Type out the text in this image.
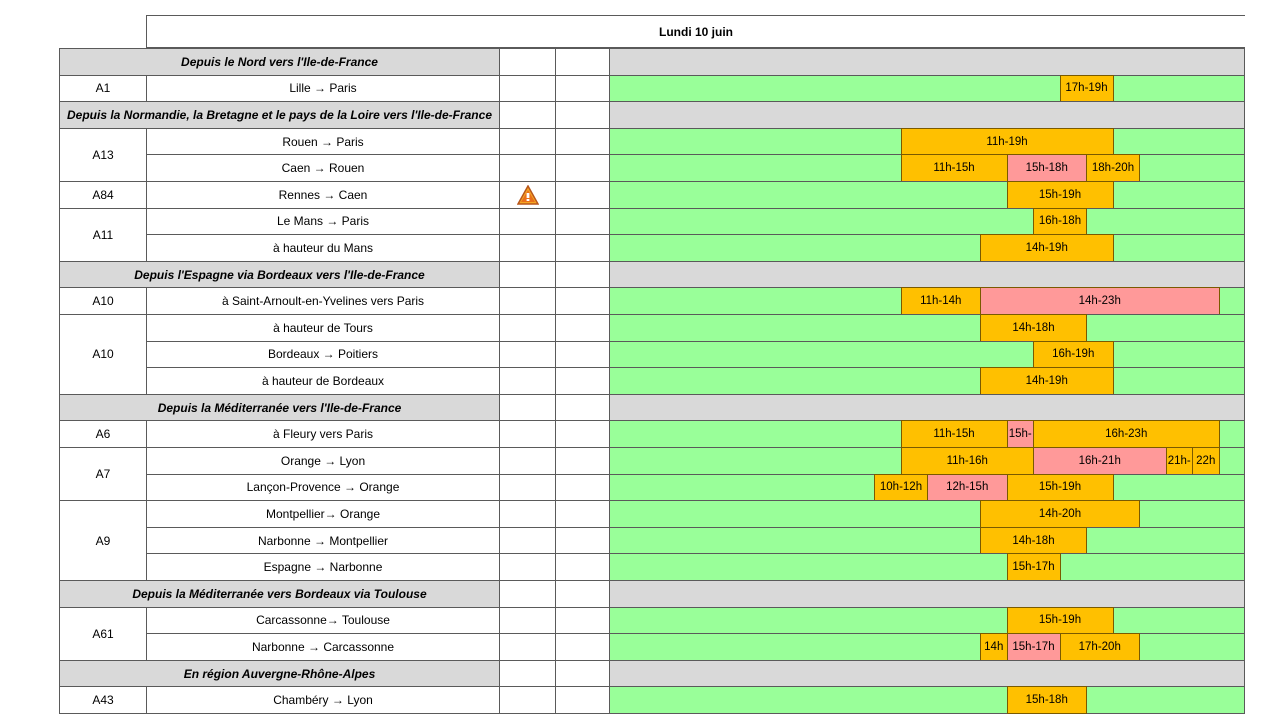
Lundi 10 juin
Depuis le Nord vers l'Ile-de-France
A1	Lille → Paris	17h-19h
Depuis la Normandie, la Bretagne et le pays de la Loire vers l'Ile-de-France
A13
Rouen → Paris	11h-19h
Caen → Rouen	11h-15h	15h-18h 18h-20h
A84	Rennes → Caen	15h-19h
A11
Le Mans → Paris	16h-18h
à hauteur du Mans	14h-19h
Depuis l'Espagne via Bordeaux vers l'Ile-de-France
A10	à Saint-Arnoult-en-Yvelines vers Paris	11h-14h	14h-23h
A10
à hauteur de Tours	14h-18h
Bordeaux → Poitiers	16h-19h
à hauteur de Bordeaux	14h-19h
Depuis la Méditerranée vers l'Ile-de-France
A6	à Fleury vers Paris	11h-15h	15h-	16h-23h
A7
Orange → Lyon	11h-16h	16h-21h	21h- 22h
Lançon-Provence → Orange	10h-12h 12h-15h	15h-19h
A9
Montpellier→ Orange	14h-20h
Narbonne → Montpellier	14h-18h
Espagne → Narbonne	15h-17h
Depuis la Méditerranée vers Bordeaux via Toulouse
A61
Carcassonne→ Toulouse	15h-19h
Narbonne → Carcassonne	14h 15h-17h 17h-20h
En région Auvergne-Rhône-Alpes
A43	Chambéry → Lyon	15h-18h
